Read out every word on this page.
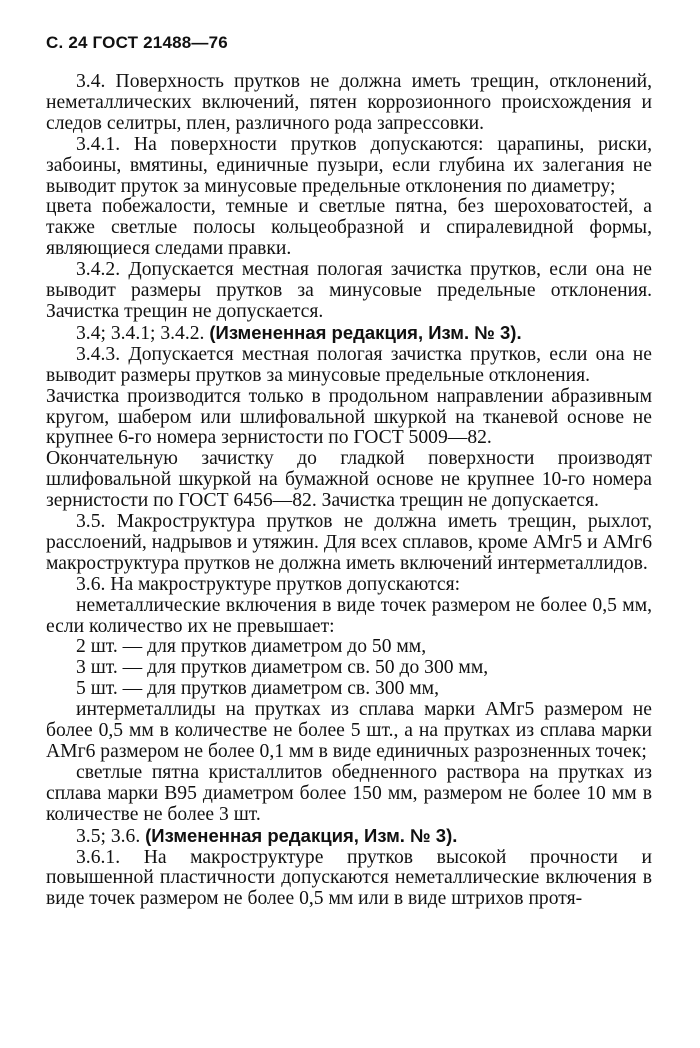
С. 24 ГОСТ 21488—76

3.4. Поверхность прутков не должна иметь трещин, отклонений, неметаллических включений, пятен коррозионного происхождения и следов селитры, плен, различного рода запрессовки.

3.4.1. На поверхности прутков допускаются: царапины, риски, забоины, вмятины, единичные пузыри, если глубина их залегания не выводит пруток за минусовые предельные отклонения по диаметру;

цвета побежалости, темные и светлые пятна, без шероховатостей, а также светлые полосы кольцеобразной и спиралевидной формы, являющиеся следами правки.

3.4.2. Допускается местная пологая зачистка прутков, если она не выводит размеры прутков за минусовые предельные отклонения. Зачистка трещин не допускается.

3.4; 3.4.1; 3.4.2. (Измененная редакция, Изм. № 3).

3.4.3. Допускается местная пологая зачистка прутков, если она не выводит размеры прутков за минусовые предельные отклонения.

Зачистка производится только в продольном направлении абразивным кругом, шабером или шлифовальной шкуркой на тканевой основе не крупнее 6-го номера зернистости по ГОСТ 5009—82.

Окончательную зачистку до гладкой поверхности производят шлифовальной шкуркой на бумажной основе не крупнее 10-го номера зернистости по ГОСТ 6456—82. Зачистка трещин не допускается.

3.5. Макроструктура прутков не должна иметь трещин, рыхлот, расслоений, надрывов и утяжин. Для всех сплавов, кроме АМг5 и АМг6 макроструктура прутков не должна иметь включений интерметаллидов.

3.6. На макроструктуре прутков допускаются:

неметаллические включения в виде точек размером не более 0,5 мм, если количество их не превышает:

2 шт. — для прутков диаметром до 50 мм,

3 шт. — для прутков диаметром св. 50 до 300 мм,

5 шт. — для прутков диаметром св. 300 мм,

интерметаллиды на прутках из сплава марки АМг5 размером не более 0,5 мм в количестве не более 5 шт., а на прутках из сплава марки АМг6 размером не более 0,1 мм в виде единичных разрозненных точек;

светлые пятна кристаллитов обедненного раствора на прутках из сплава марки В95 диаметром более 150 мм, размером не более 10 мм в количестве не более 3 шт.

3.5; 3.6. (Измененная редакция, Изм. № 3).

3.6.1. На макроструктуре прутков высокой прочности и повышенной пластичности допускаются неметаллические включения в виде точек размером не более 0,5 мм или в виде штрихов протя-
